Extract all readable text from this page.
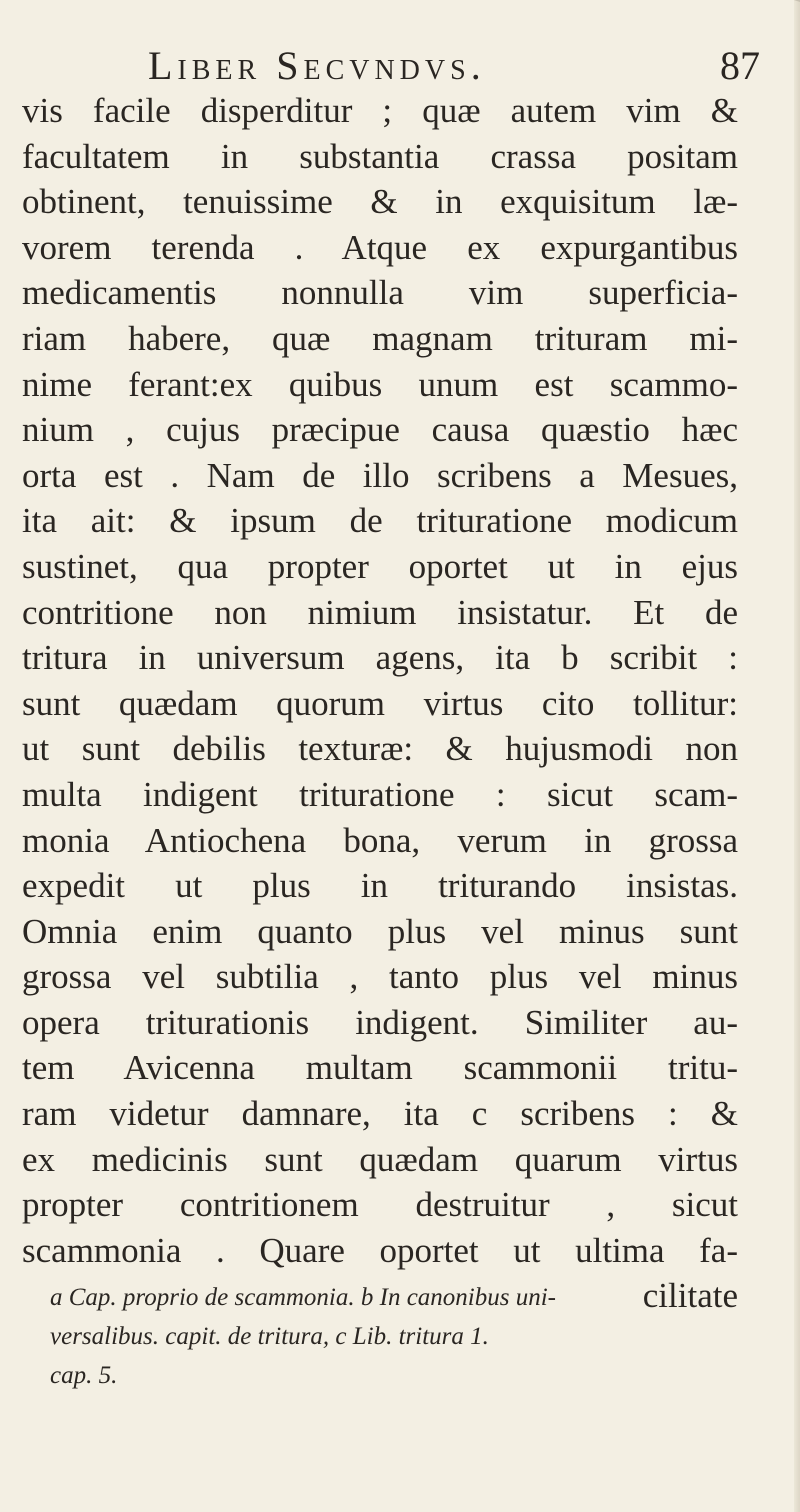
Liber Secvndvs.	87
vis facile disperditur ; quæ autem vim &
facultatem in substantia crassa positam
obtinent, tenuissime & in exquisitum læ-
vorem terenda . Atque ex expurgantibus
medicamentis nonnulla vim superficia-
riam habere, quæ magnam trituram mi-
nime ferant:ex quibus unum est scammo-
nium , cujus præcipue causa quæstio hæc
orta est . Nam de illo scribens a Mesues,
ita ait: & ipsum de trituratione modicum
sustinet, qua propter oportet ut in ejus
contritione non nimium insistatur. Et de
tritura in universum agens, ita b scribit :
sunt quædam quorum virtus cito tollitur:
ut sunt debilis texturæ: & hujusmodi non
multa indigent trituratione : sicut scam-
monia Antiochena bona, verum in grossa
expedit ut plus in triturando insistas.
Omnia enim quanto plus vel minus sunt
grossa vel subtilia , tanto plus vel minus
opera triturationis indigent. Similiter au-
tem Avicenna multam scammonii tritu-
ram videtur damnare, ita c scribens : &
ex medicinis sunt quædam quarum virtus
propter contritionem destruitur , sicut
scammonia . Quare oportet ut ultima fa-
cilitate
a Cap. proprio de scammonia. b In canonibus uni-
versalibus. capit. de tritura, c Lib. tritura 1.
cap. 5.
